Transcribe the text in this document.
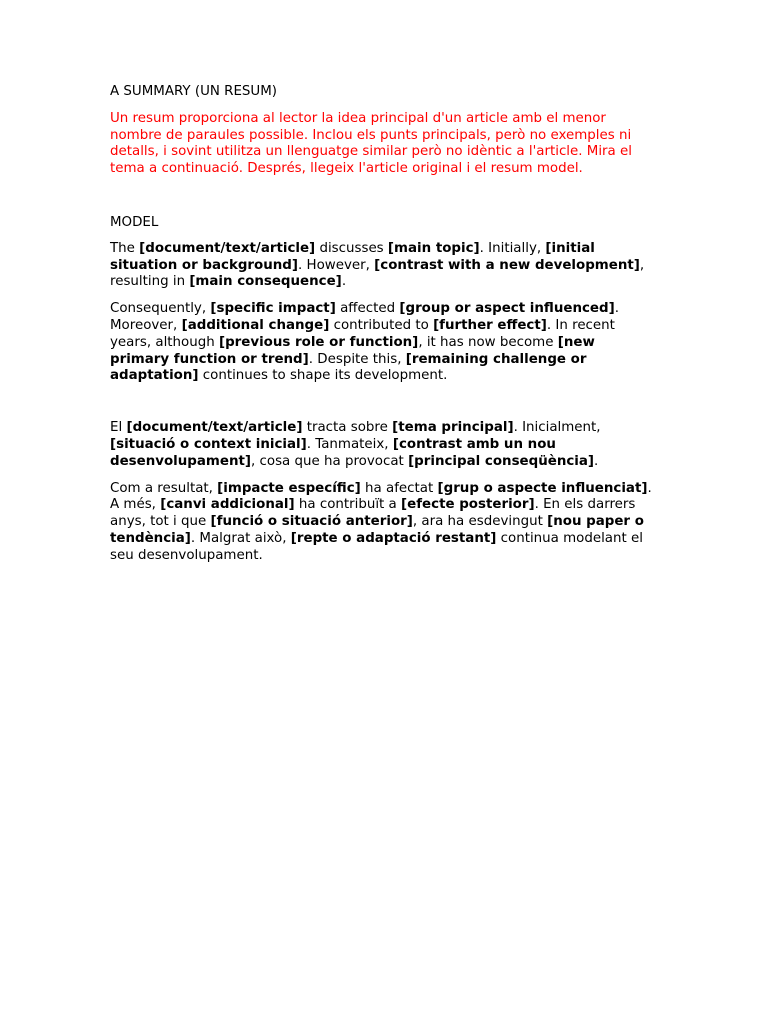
A SUMMARY (UN RESUM)

Un resum proporciona al lector la idea principal d'un article amb el menor nombre de paraules possible. Inclou els punts principals, però no exemples ni detalls, i sovint utilitza un llenguatge similar però no idèntic a l'article. Mira el tema a continuació. Després, llegeix l'article original i el resum model.

MODEL

The [document/text/article] discusses [main topic]. Initially, [initial situation or background]. However, [contrast with a new development], resulting in [main consequence].

Consequently, [specific impact] affected [group or aspect influenced]. Moreover, [additional change] contributed to [further effect]. In recent years, although [previous role or function], it has now become [new primary function or trend]. Despite this, [remaining challenge or adaptation] continues to shape its development.

El [document/text/article] tracta sobre [tema principal]. Inicialment, [situació o context inicial]. Tanmateix, [contrast amb un nou desenvolupament], cosa que ha provocat [principal conseqüència].

Com a resultat, [impacte específic] ha afectat [grup o aspecte influenciat]. A més, [canvi addicional] ha contribuït a [efecte posterior]. En els darrers anys, tot i que [funció o situació anterior], ara ha esdevingut [nou paper o tendència]. Malgrat això, [repte o adaptació restant] continua modelant el seu desenvolupament.
